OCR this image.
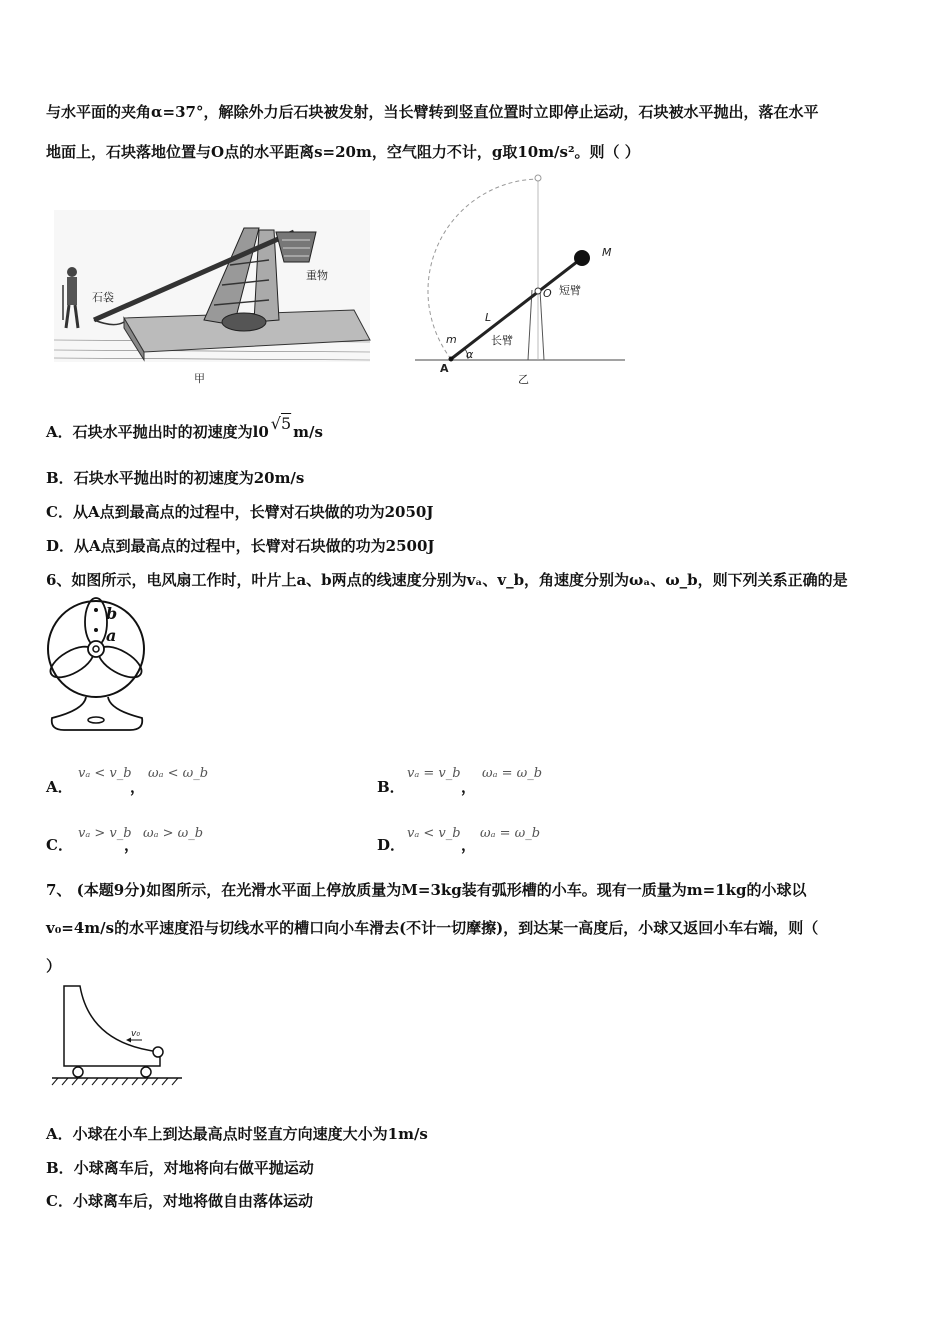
与水平面的夹角α=37°，解除外力后石块被发射，当长臂转到竖直位置时立即停止运动，石块被水平抛出，落在水平
地面上，石块落地位置与O点的水平距离s=20m，空气阻力不计，g取10m/s²。则（ ）
石袋
重物
甲
M
O 短臂
L
长臂
m
α
A
乙
A．石块水平抛出时的初速度为l0 √5 m/s
B．石块水平抛出时的初速度为20m/s
C．从A点到最高点的过程中，长臂对石块做的功为2050J
D．从A点到最高点的过程中，长臂对石块做的功为2500J
6、如图所示，电风扇工作时，叶片上a、b两点的线速度分别为vₐ、v_b，角速度分别为ωₐ、ω_b，则下列关系正确的是
b
a
A．
vₐ < v_b
，
ωₐ < ω_b
B．
vₐ = v_b
，
ωₐ = ω_b
C．
vₐ > v_b
，
ωₐ > ω_b
D．
vₐ < v_b
，
ωₐ = ω_b
7、 (本题9分)如图所示，在光滑水平面上停放质量为M=3kg装有弧形槽的小车。现有一质量为m=1kg的小球以
v₀=4m/s的水平速度沿与切线水平的槽口向小车滑去(不计一切摩擦)，到达某一高度后，小球又返回小车右端，则（
）
v₀
A．小球在小车上到达最高点时竖直方向速度大小为1m/s
B．小球离车后，对地将向右做平抛运动
C．小球离车后，对地将做自由落体运动
